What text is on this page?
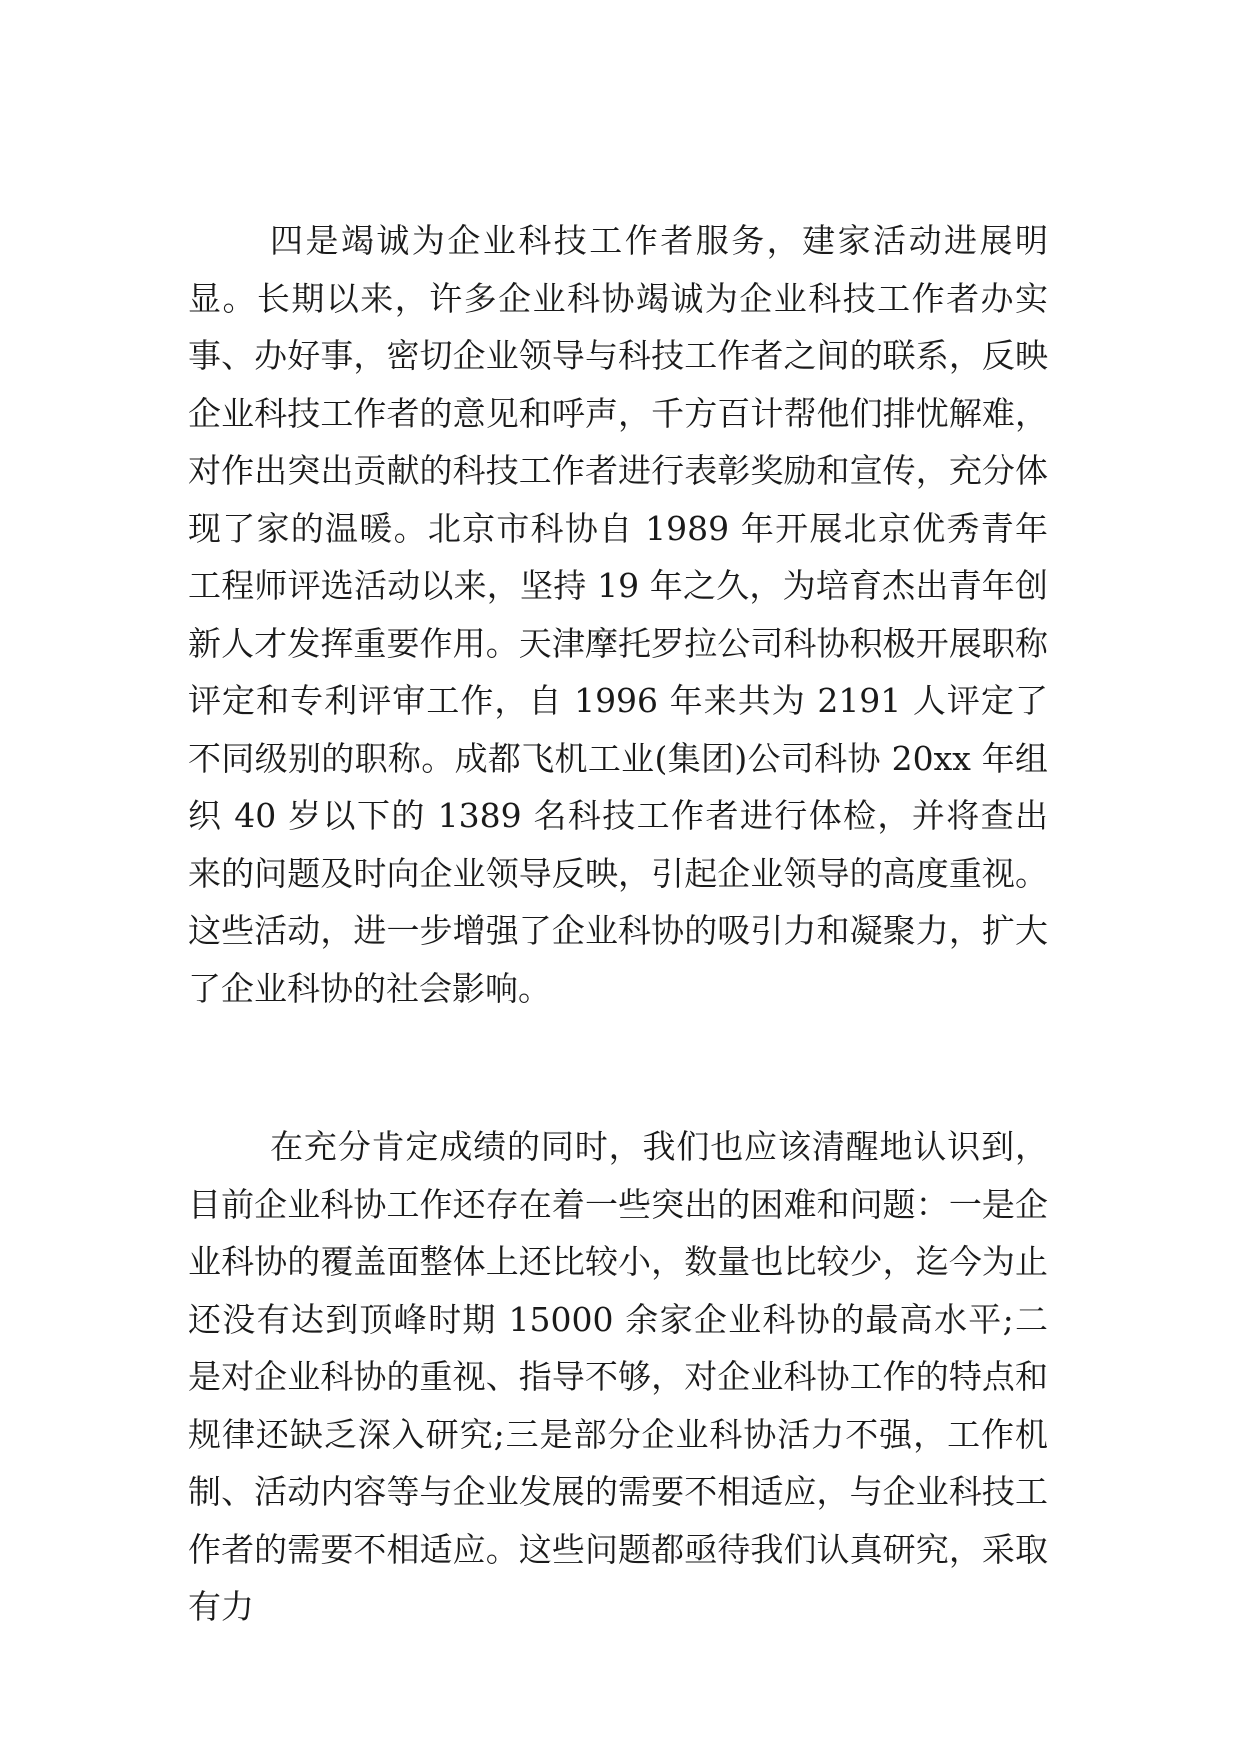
四是竭诚为企业科技工作者服务，建家活动进展明显。长期以来，许多企业科协竭诚为企业科技工作者办实事、办好事，密切企业领导与科技工作者之间的联系，反映企业科技工作者的意见和呼声，千方百计帮他们排忧解难，对作出突出贡献的科技工作者进行表彰奖励和宣传，充分体现了家的温暖。北京市科协自 1989 年开展北京优秀青年工程师评选活动以来，坚持 19 年之久，为培育杰出青年创新人才发挥重要作用。天津摩托罗拉公司科协积极开展职称评定和专利评审工作，自 1996 年来共为 2191 人评定了不同级别的职称。成都飞机工业(集团)公司科协 20xx 年组织 40 岁以下的 1389 名科技工作者进行体检，并将查出来的问题及时向企业领导反映，引起企业领导的高度重视。这些活动，进一步增强了企业科协的吸引力和凝聚力，扩大了企业科协的社会影响。

在充分肯定成绩的同时，我们也应该清醒地认识到，目前企业科协工作还存在着一些突出的困难和问题：一是企业科协的覆盖面整体上还比较小，数量也比较少，迄今为止还没有达到顶峰时期 15000 余家企业科协的最高水平;二是对企业科协的重视、指导不够，对企业科协工作的特点和规律还缺乏深入研究;三是部分企业科协活力不强，工作机制、活动内容等与企业发展的需要不相适应，与企业科技工作者的需要不相适应。这些问题都亟待我们认真研究，采取有力
